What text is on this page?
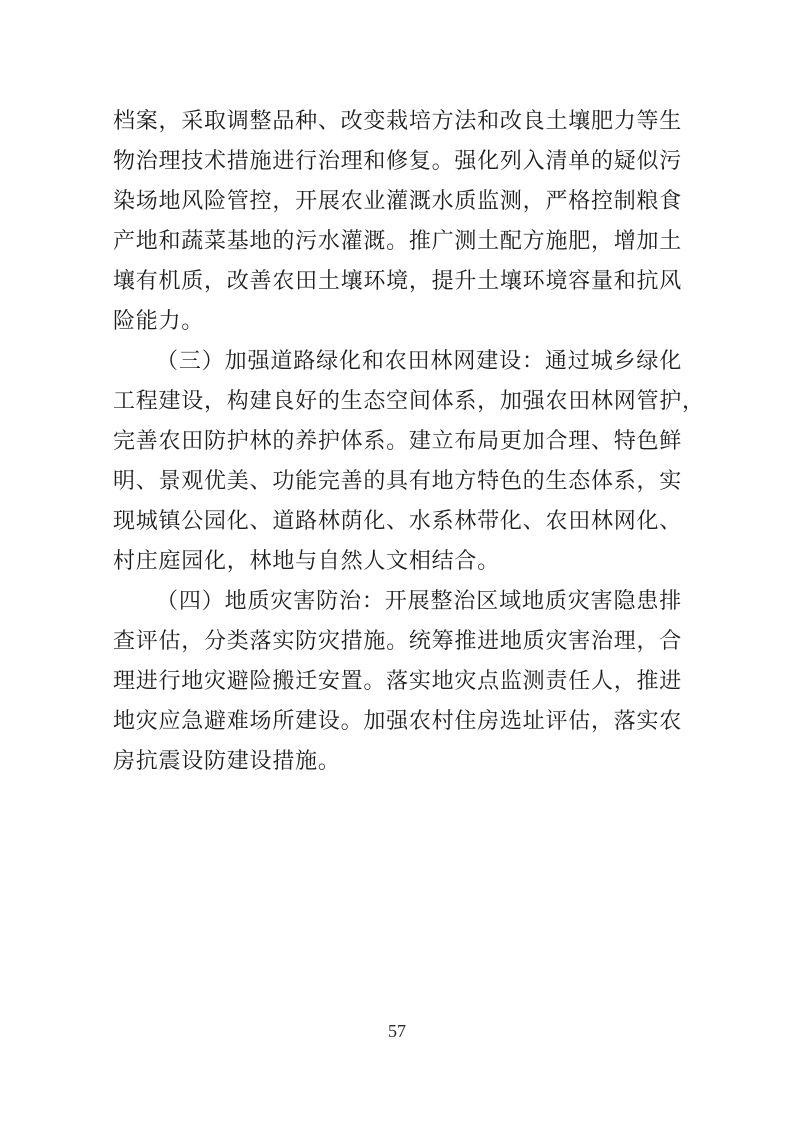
档案，采取调整品种、改变栽培方法和改良土壤肥力等生
物治理技术措施进行治理和修复。强化列入清单的疑似污
染场地风险管控，开展农业灌溉水质监测，严格控制粮食
产地和蔬菜基地的污水灌溉。推广测土配方施肥，增加土
壤有机质，改善农田土壤环境，提升土壤环境容量和抗风
险能力。
（三）加强道路绿化和农田林网建设：通过城乡绿化
工程建设，构建良好的生态空间体系，加强农田林网管护，
完善农田防护林的养护体系。建立布局更加合理、特色鲜
明、景观优美、功能完善的具有地方特色的生态体系，实
现城镇公园化、道路林荫化、水系林带化、农田林网化、
村庄庭园化，林地与自然人文相结合。
（四）地质灾害防治：开展整治区域地质灾害隐患排
查评估，分类落实防灾措施。统筹推进地质灾害治理，合
理进行地灾避险搬迁安置。落实地灾点监测责任人，推进
地灾应急避难场所建设。加强农村住房选址评估，落实农
房抗震设防建设措施。
57
